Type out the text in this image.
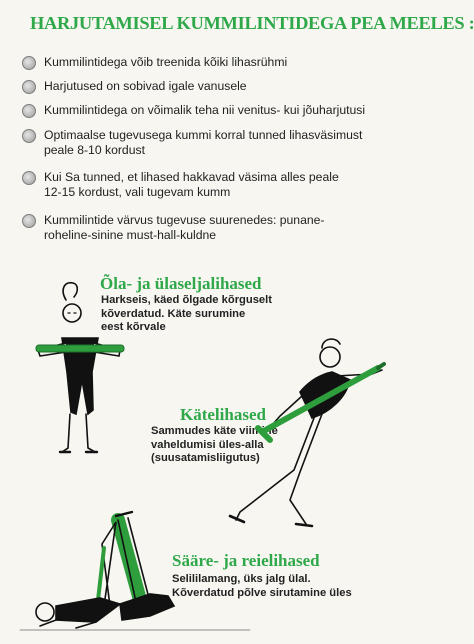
HARJUTAMISEL KUMMILINTIDEGA PEA MEELES :
Kummilintidega võib treenida kõiki lihasrühmi
Harjutused on sobivad igale vanusele
Kummilintidega on võimalik teha nii venitus- kui jõuharjutusi
Optimaalse tugevusega kummi korral tunned lihasväsimust peale 8-10 kordust
Kui Sa tunned, et lihased hakkavad väsima alles peale 12-15 kordust, vali tugevam kumm
Kummilintide värvus tugevuse suurenedes: punane-roheline-sinine must-hall-kuldne
Õla- ja ülaseljalihased
Harkseis, käed õlgade kõrguselt
kõverdatud. Käte surumine
eest kõrvale
Kätelihased
Sammudes käte viimine
vaheldumisi üles-alla
(suusatamisliigutus)
Sääre- ja reielihased
Selililamang, üks jalg ülal.
Kõverdatud põlve sirutamine üles
